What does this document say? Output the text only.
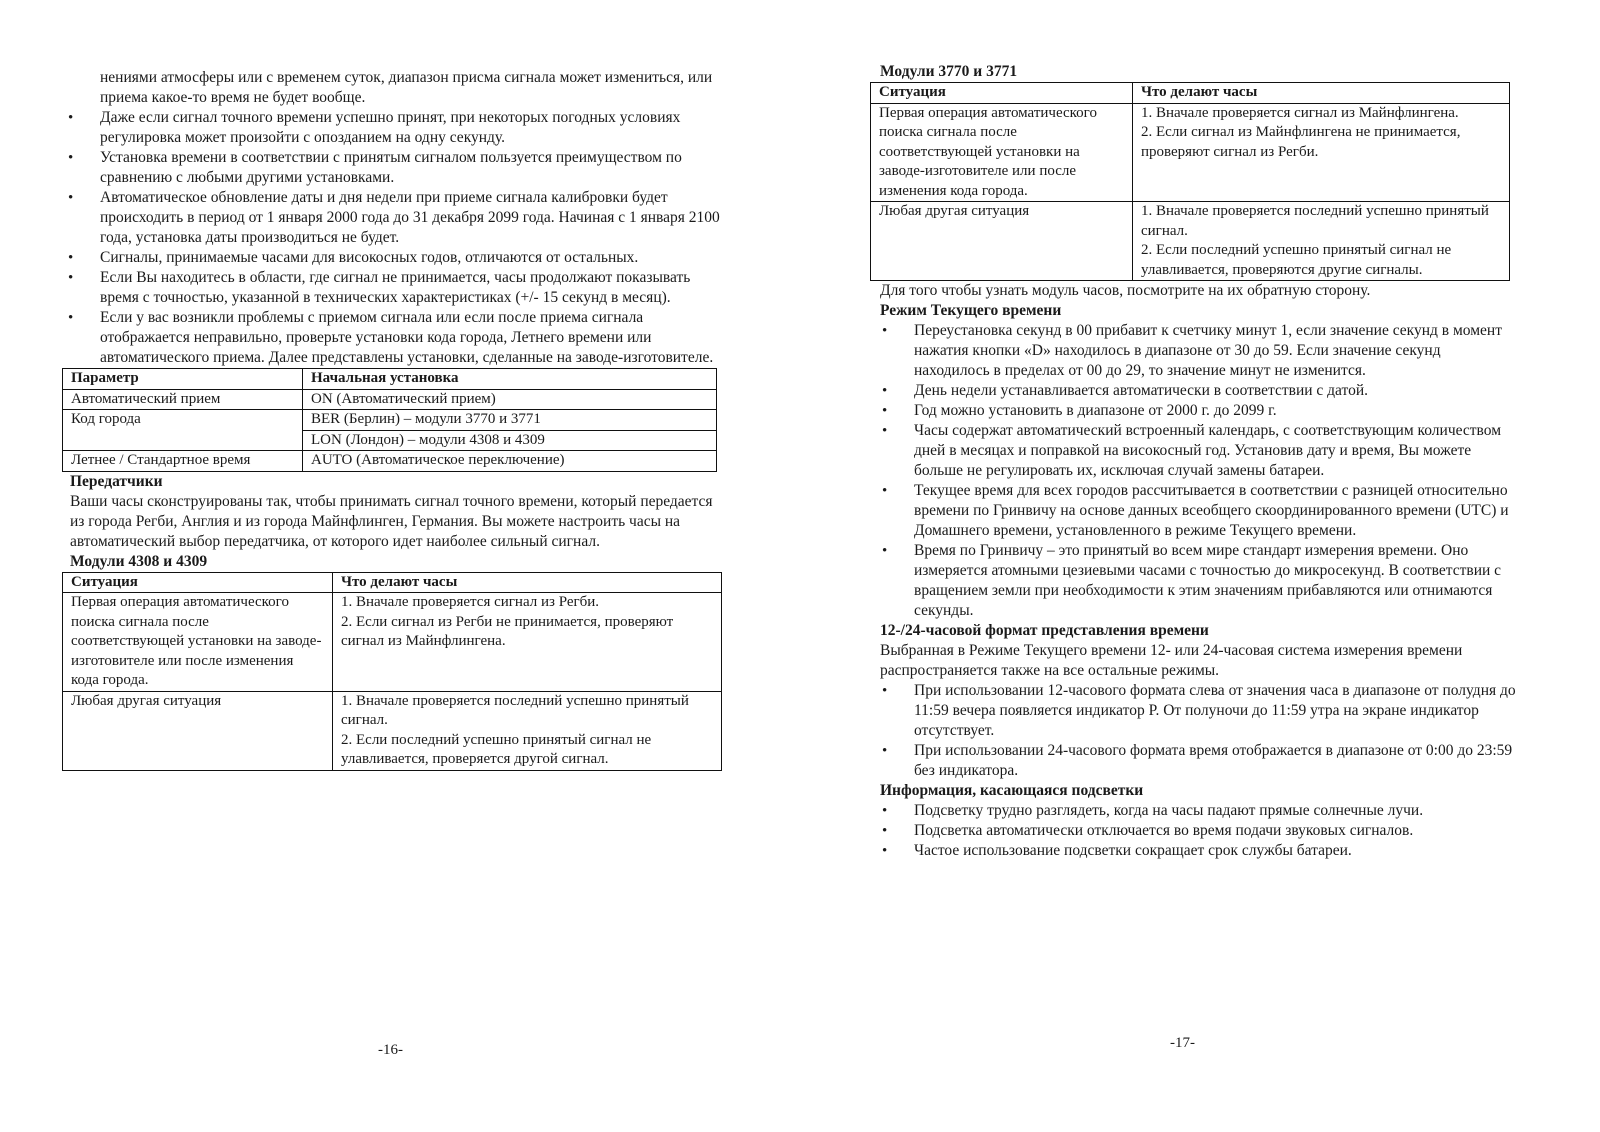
нениями атмосферы или с временем суток, диапазон присма сигнала может измениться, или приема какое-то время не будет вообще.

• Даже если сигнал точного времени успешно принят, при некоторых погодных условиях регулировка может произойти с опозданием на одну секунду.
• Установка времени в соответствии с принятым сигналом пользуется преимуществом по сравнению с любыми другими установками.
• Автоматическое обновление даты и дня недели при приеме сигнала калибровки будет происходить в период от 1 января 2000 года до 31 декабря 2099 года. Начиная с 1 января 2100 года, установка даты производиться не будет.
• Сигналы, принимаемые часами для високосных годов, отличаются от остальных.
• Если Вы находитесь в области, где сигнал не принимается, часы продолжают показывать время с точностью, указанной в технических характеристиках (+/- 15 секунд в месяц).
• Если у вас возникли проблемы с приемом сигнала или если после приема сигнала отображается неправильно, проверьте установки кода города, Летнего времени или автоматического приема. Далее представлены установки, сделанные на заводе-изготовителе.
Параметр	Начальная установка
Автоматический прием	ON (Автоматический прием)
Код города	BER (Берлин) – модули 3770 и 3771
	LON (Лондон) – модули 4308 и 4309
Летнее / Стандартное время	AUTO (Автоматическое переключение)
Передатчики

Ваши часы сконструированы так, чтобы принимать сигнал точного времени, который передается из города Регби, Англия и из города Майнфлинген, Германия. Вы можете настроить часы на автоматический выбор передатчика, от которого идет наиболее сильный сигнал.

Модули 4308 и 4309
Ситуация	Что делают часы
Первая операция автоматического поиска сигнала после соответствующей установки на заводе-изготовителе или после изменения кода города.	1. Вначале проверяется сигнал из Регби.
2. Если сигнал из Регби не принимается, проверяют сигнал из Майнфлингена.

Любая другая ситуация	1. Вначале проверяется последний успешно принятый сигнал.
2. Если последний успешно принятый сигнал не улавливается, проверяется другой сигнал.
-16-
Модули 3770 и 3771
Ситуация	Что делают часы
Первая операция автоматического поиска сигнала после соответствующей установки на заводе-изготовителе или после изменения кода города.	1. Вначале проверяется сигнал из Майнфлингена.
2. Если сигнал из Майнфлингена не принимается, проверяют сигнал из Регби.

Любая другая ситуация	1. Вначале проверяется последний успешно принятый сигнал.
2. Если последний успешно принятый сигнал не улавливается, проверяются другие сигналы.

Для того чтобы узнать модуль часов, посмотрите на их обратную сторону.

Режим Текущего времени
• Переустановка секунд в 00 прибавит к счетчику минут 1, если значение секунд в момент нажатия кнопки «D» находилось в диапазоне от 30 до 59. Если значение секунд находилось в пределах от 00 до 29, то значение минут не изменится.
• День недели устанавливается автоматически в соответствии с датой.
• Год можно установить в диапазоне от 2000 г. до 2099 г.
• Часы содержат автоматический встроенный календарь, с соответствующим количеством дней в месяцах и поправкой на високосный год. Установив дату и время, Вы можете больше не регулировать их, исключая случай замены батареи.
• Текущее время для всех городов рассчитывается в соответствии с разницей относительно времени по Гринвичу на основе данных всеобщего скоординированного времени (UTC) и Домашнего времени, установленного в режиме Текущего времени.
• Время по Гринвичу – это принятый во всем мире стандарт измерения времени. Оно измеряется атомными цезиевыми часами с точностью до микросекунд. В соответствии с вращением земли при необходимости к этим значениям прибавляются или отнимаются секунды.
12-/24-часовой формат представления времени

Выбранная в Режиме Текущего времени 12- или 24-часовая система измерения времени распространяется также на все остальные режимы.

• При использовании 12-часового формата слева от значения часа в диапазоне от полудня до 11:59 вечера появляется индикатор P. От полуночи до 11:59 утра на экране индикатор отсутствует.
• При использовании 24-часового формата время отображается в диапазоне от 0:00 до 23:59 без индикатора.
Информация, касающаяся подсветки
• Подсветку трудно разглядеть, когда на часы падают прямые солнечные лучи.
• Подсветка автоматически отключается во время подачи звуковых сигналов.
• Частое использование подсветки сокращает срок службы батареи.
-17-
